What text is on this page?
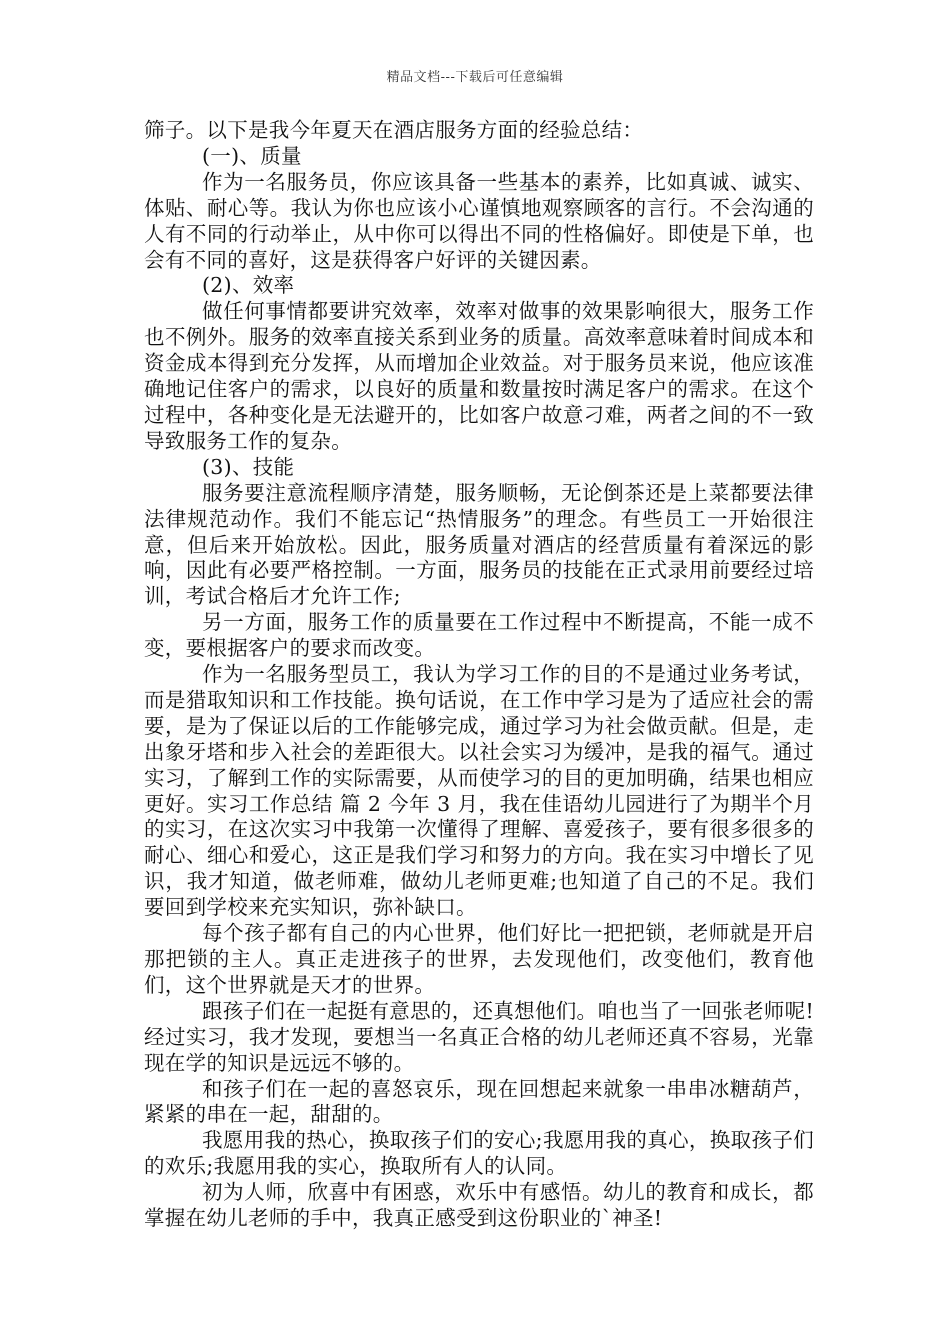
精品文档---下载后可任意编辑

筛子。以下是我今年夏天在酒店服务方面的经验总结：

(一)、质量

作为一名服务员，你应该具备一些基本的素养，比如真诚、诚实、体贴、耐心等。我认为你也应该小心谨慎地观察顾客的言行。不会沟通的人有不同的行动举止，从中你可以得出不同的性格偏好。即使是下单，也会有不同的喜好，这是获得客户好评的关键因素。

(2)、效率

做任何事情都要讲究效率，效率对做事的效果影响很大，服务工作也不例外。服务的效率直接关系到业务的质量。高效率意味着时间成本和资金成本得到充分发挥，从而增加企业效益。对于服务员来说，他应该准确地记住客户的需求，以良好的质量和数量按时满足客户的需求。在这个过程中，各种变化是无法避开的，比如客户故意刁难，两者之间的不一致导致服务工作的复杂。

(3)、技能

服务要注意流程顺序清楚，服务顺畅，无论倒茶还是上菜都要法律法律规范动作。我们不能忘记“热情服务”的理念。有些员工一开始很注意，但后来开始放松。因此，服务质量对酒店的经营质量有着深远的影响，因此有必要严格控制。一方面，服务员的技能在正式录用前要经过培训，考试合格后才允许工作;

另一方面，服务工作的质量要在工作过程中不断提高，不能一成不变，要根据客户的要求而改变。

作为一名服务型员工，我认为学习工作的目的不是通过业务考试，而是猎取知识和工作技能。换句话说，在工作中学习是为了适应社会的需要，是为了保证以后的工作能够完成，通过学习为社会做贡献。但是，走出象牙塔和步入社会的差距很大。以社会实习为缓冲，是我的福气。通过实习，了解到工作的实际需要，从而使学习的目的更加明确，结果也相应更好。实习工作总结 篇 2 今年 3 月，我在佳语幼儿园进行了为期半个月的实习，在这次实习中我第一次懂得了理解、喜爱孩子，要有很多很多的耐心、细心和爱心，这正是我们学习和努力的方向。我在实习中增长了见识，我才知道，做老师难，做幼儿老师更难;也知道了自己的不足。我们要回到学校来充实知识，弥补缺口。

每个孩子都有自己的内心世界，他们好比一把把锁，老师就是开启那把锁的主人。真正走进孩子的世界，去发现他们，改变他们，教育他们，这个世界就是天才的世界。

跟孩子们在一起挺有意思的，还真想他们。咱也当了一回张老师呢!经过实习，我才发现，要想当一名真正合格的幼儿老师还真不容易，光靠现在学的知识是远远不够的。

和孩子们在一起的喜怒哀乐，现在回想起来就象一串串冰糖葫芦，紧紧的串在一起，甜甜的。

我愿用我的热心，换取孩子们的安心;我愿用我的真心，换取孩子们的欢乐;我愿用我的实心，换取所有人的认同。

初为人师，欣喜中有困惑，欢乐中有感悟。幼儿的教育和成长，都掌握在幼儿老师的手中，我真正感受到这份职业的`神圣!
